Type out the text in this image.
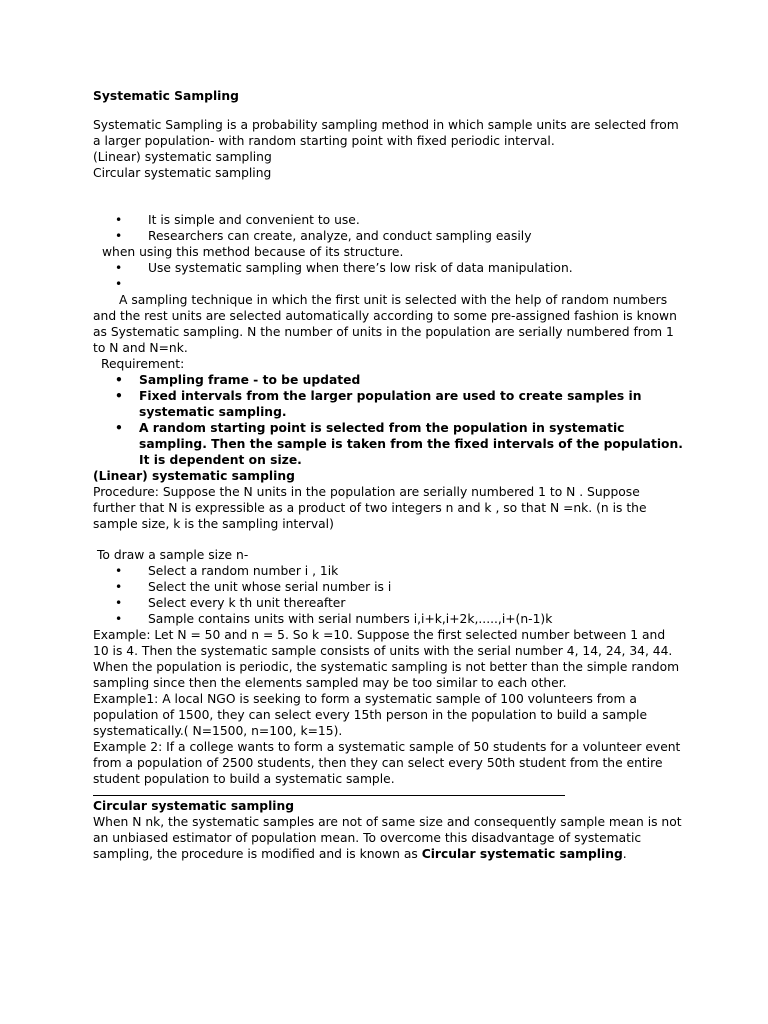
Systematic Sampling

Systematic Sampling is a probability sampling method in which sample units are selected from a larger population- with random starting point with fixed periodic interval.

(Linear) systematic sampling

Circular systematic sampling

• It is simple and convenient to use.
• Researchers can create, analyze, and conduct sampling easily

when using this method because of its structure.

• Use systematic sampling when there’s low risk of data manipulation.
•

A sampling technique in which the first unit is selected with the help of random numbers and the rest units are selected automatically according to some pre-assigned fashion is known as Systematic sampling. N the number of units in the population are serially numbered from 1 to N and N=nk.

Requirement:

• Sampling frame - to be updated
• Fixed intervals from the larger population are used to create samples in systematic sampling.
• A random starting point is selected from the population in systematic sampling. Then the sample is taken from the fixed intervals of the population. It is dependent on size.

(Linear) systematic sampling

Procedure: Suppose the N units in the population are serially numbered 1 to N . Suppose further that N is expressible as a product of two integers n and k , so that N =nk. (n is the sample size, k is the sampling interval)

To draw a sample size n-

• Select a random number i , 1ik
• Select the unit whose serial number is i
• Select every k th unit thereafter
• Sample contains units with serial numbers i,i+k,i+2k,.....,i+(n-1)k

Example: Let N = 50 and n = 5. So k =10. Suppose the first selected number between 1 and 10 is 4. Then the systematic sample consists of units with the serial number 4, 14, 24, 34, 44.

When the population is periodic, the systematic sampling is not better than the simple random sampling since then the elements sampled may be too similar to each other.

Example1: A local NGO is seeking to form a systematic sample of 100 volunteers from a population of 1500, they can select every 15th person in the population to build a sample systematically.( N=1500, n=100, k=15).

Example 2: If a college wants to form a systematic sample of 50 students for a volunteer event from a population of 2500 students, then they can select every 50th student from the entire student population to build a systematic sample.

Circular systematic sampling

When N nk, the systematic samples are not of same size and consequently sample mean is not an unbiased estimator of population mean. To overcome this disadvantage of systematic sampling, the procedure is modified and is known as Circular systematic sampling.
